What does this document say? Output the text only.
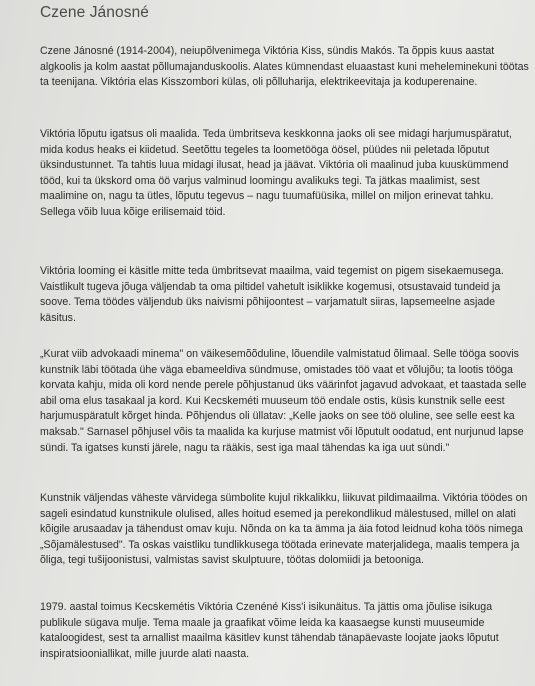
Czene Jánosné

Czene Jánosné (1914-2004), neiupõlvenimega Viktória Kiss, sündis Makós. Ta õppis kuus aastat algkoolis ja kolm aastat põllumajanduskoolis. Alates kümnendast eluaastast kuni meheleminekuni töötas ta teenijana. Viktória elas Kisszombori külas, oli põlluharija, elektrikeevitaja ja koduperenaine.

Viktória lõputu igatsus oli maalida. Teda ümbritseva keskkonna jaoks oli see midagi harjumuspäratut, mida kodus heaks ei kiidetud. Seetõttu tegeles ta loometööga öösel, püüdes nii peletada lõputut üksindustunnet. Ta tahtis luua midagi ilusat, head ja jäävat. Viktória oli maalinud juba kuuskümmend tööd, kui ta ükskord oma öö varjus valminud loomingu avalikuks tegi. Ta jätkas maalimist, sest maalimine on, nagu ta ütles, lõputu tegevus – nagu tuumafüüsika, millel on miljon erinevat tahku. Sellega võib luua kõige erilisemaid töid.

Viktória looming ei käsitle mitte teda ümbritsevat maailma, vaid tegemist on pigem sisekaemusega. Vaistlikult tugeva jõuga väljendab ta oma piltidel vahetult isiklikke kogemusi, otsustavaid tundeid ja soove. Tema töödes väljendub üks naivismi põhijoontest – varjamatult siiras, lapsemeelne asjade käsitus.

„Kurat viib advokaadi minema" on väikesemõõduline, lõuendile valmistatud õlimaal. Selle tööga soovis kunstnik läbi töötada ühe väga ebameeldiva sündmuse, omistades töö vaat et võlujõu; ta lootis tööga korvata kahju, mida oli kord nende perele põhjustanud üks väärinfot jagavud advokaat, et taastada selle abil oma elus tasakaal ja kord. Kui Kecskeméti muuseum töö endale ostis, küsis kunstnik selle eest harjumuspäratult kõrget hinda. Põhjendus oli üllatav: „Kelle jaoks on see töö oluline, see selle eest ka maksab." Sarnasel põhjusel võis ta maalida ka kurjuse matmist või lõputult oodatud, ent nurjunud lapse sündi. Ta igatses kunsti järele, nagu ta rääkis, sest iga maal tähendas ka iga uut sündi."

Kunstnik väljendas väheste värvidega sümbolite kujul rikkalikku, liikuvat pildimaailma. Viktória töödes on sageli esindatud kunstnikule olulised, alles hoitud esemed ja perekondlikud mälestused, millel on alati kõigile arusaadav ja tähendust omav kuju. Nõnda on ka ta ämma ja äia fotod leidnud koha töös nimega „Sõjamälestused". Ta oskas vaistliku tundlikkusega töötada erinevate materjalidega, maalis tempera ja õliga, tegi tušijoonistusi, valmistas savist skulptuure, töötas dolomiidi ja betooniga.

1979. aastal toimus Kecskemétis Viktória Czenéné Kiss'i isikunäitus. Ta jättis oma jõulise isikuga publikule sügava mulje. Tema maale ja graafikat võime leida ka kaasaegse kunsti muuseumide kataloogidest, sest ta arnallist maailma käsitlev kunst tähendab tänapäevaste loojate jaoks lõputut inspiratsiooniallikat, mille juurde alati naasta.
